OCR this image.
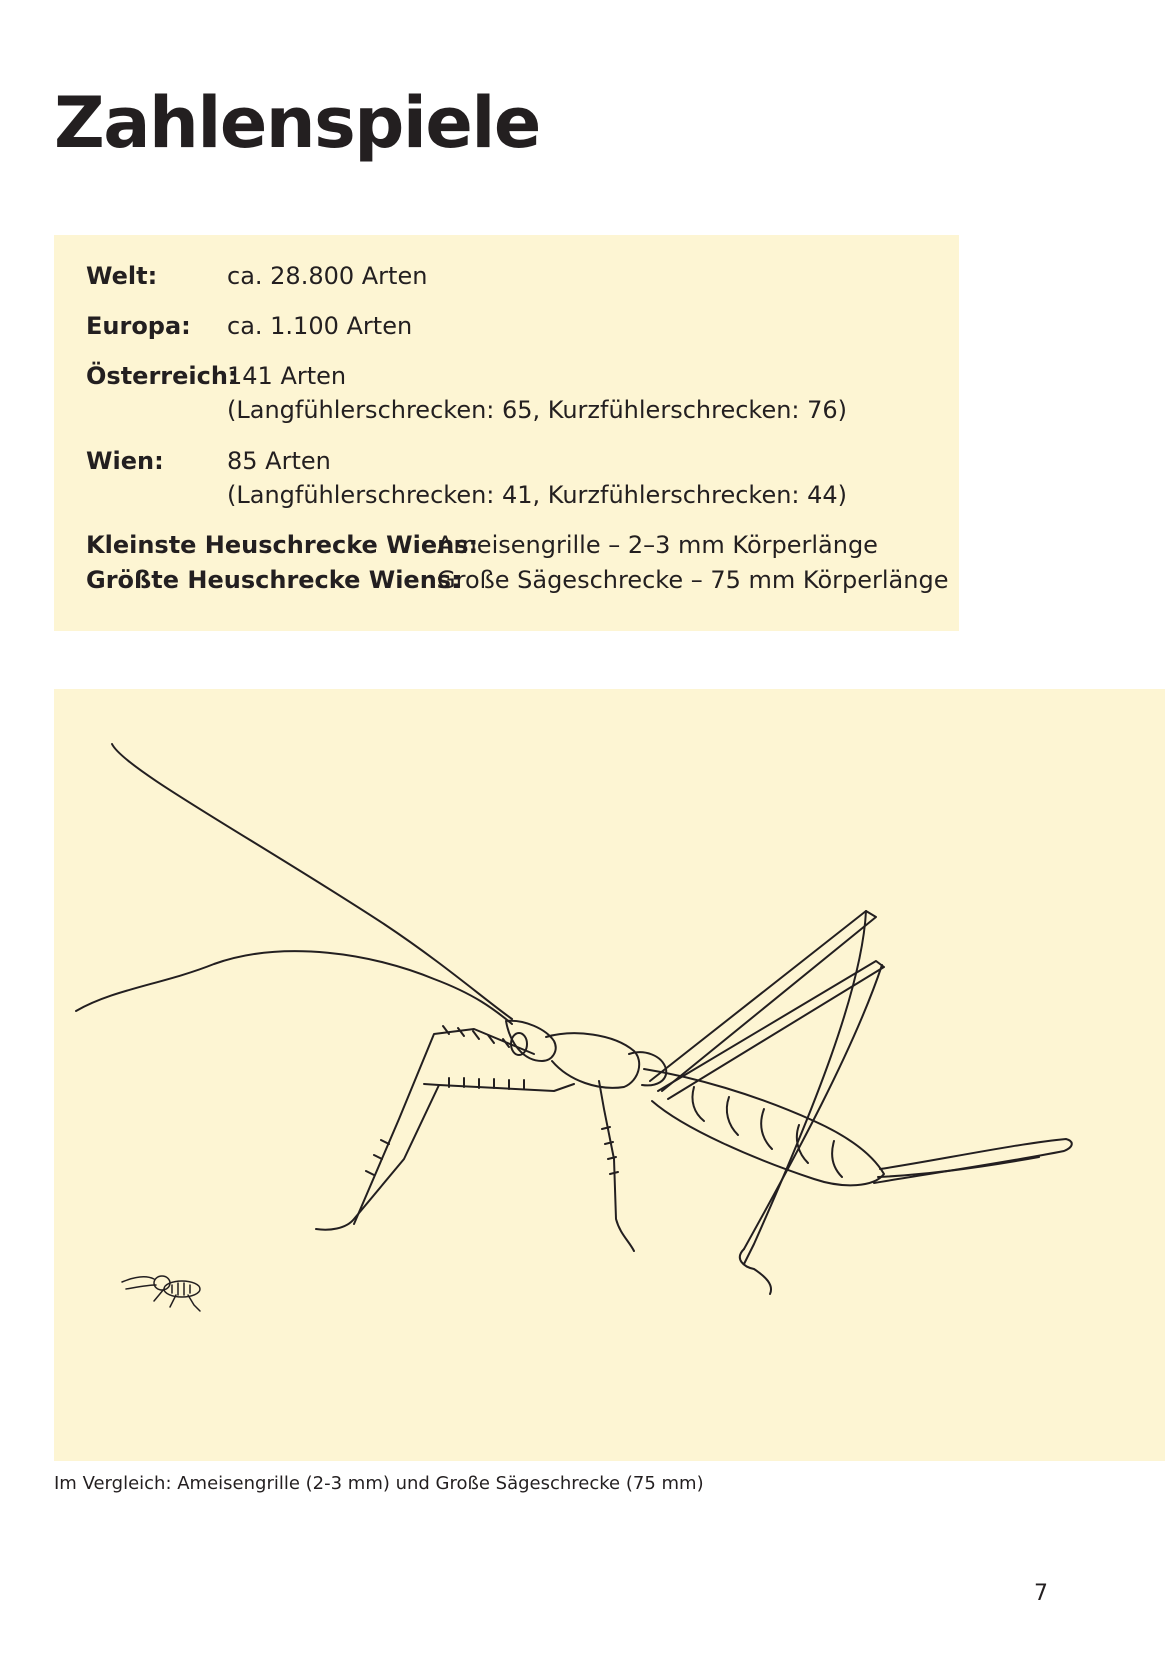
Zahlenspiele
Welt:	ca. 28.800 Arten
Europa: ca. 1.100 Arten
Österreich:
141 Arten
(Langfühlerschrecken: 65, Kurzfühlerschrecken: 76)
Wien:	85 Arten
(Langfühlerschrecken: 41, Kurzfühlerschrecken: 44)
Kleinste Heuschrecke Wiens:
Ameisengrille – 2–3 mm Körperlänge
Größte Heuschrecke Wiens:
Große Sägeschrecke – 75 mm Körperlänge
Im Vergleich: Ameisengrille (2-3 mm) und Große Sägeschrecke (75 mm)
7
